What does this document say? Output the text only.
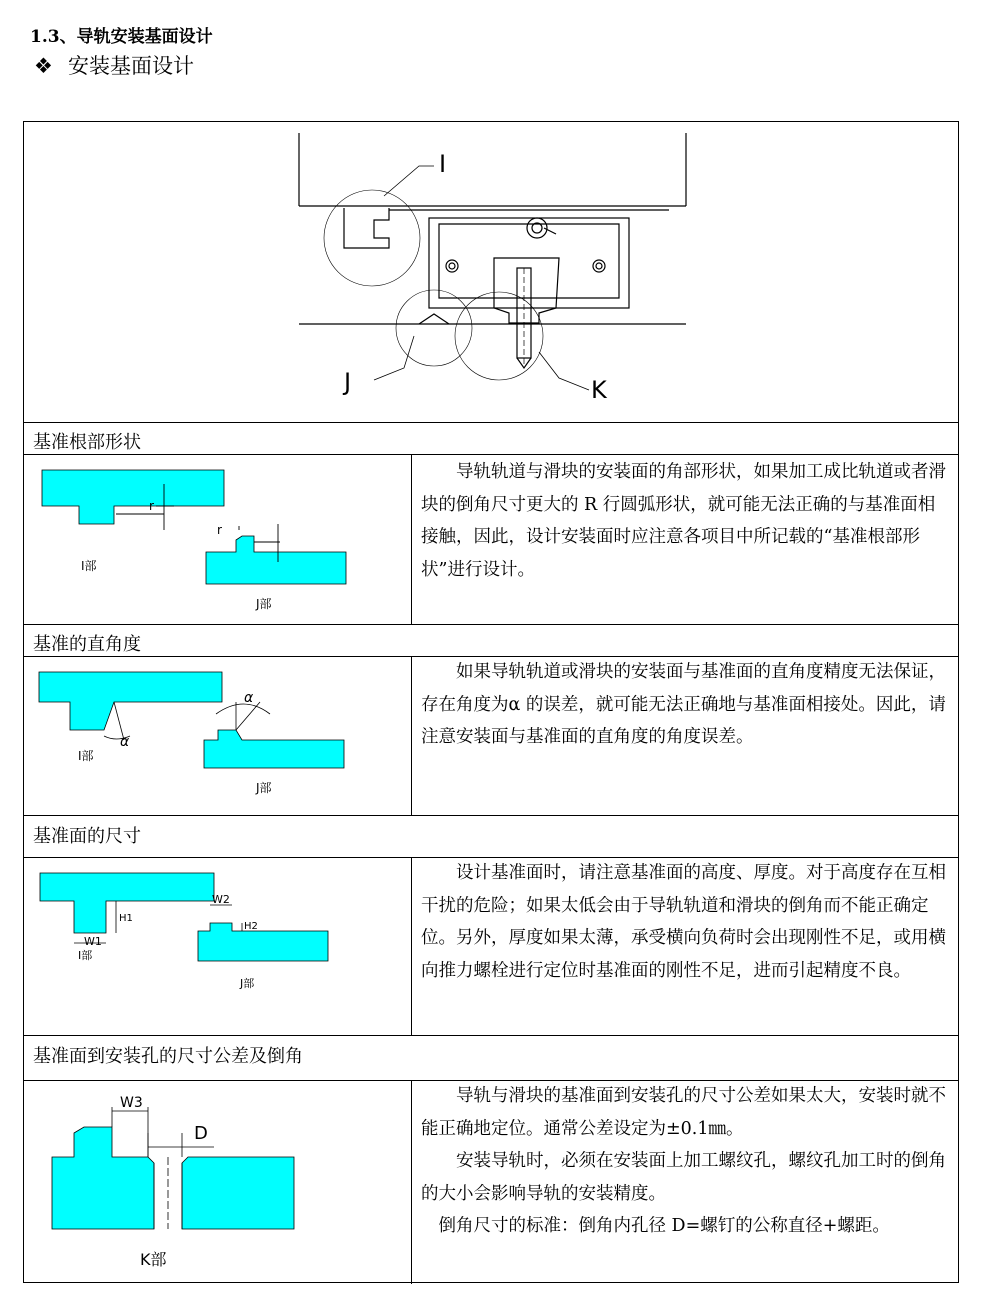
1.3、导轨安装基面设计
❖ 安装基面设计
I
J	K
基准根部形状
r
r
I部
J部

导轨轨道与滑块的安装面的角部形状，如果加工成比轨道或者滑块的倒角尺寸更大的 R 行圆弧形状，就可能无法正确的与基准面相接触，因此，设计安装面时应注意各项目中所记载的“基准根部形状”进行设计。

基准的直角度
α
α
I部
J部

如果导轨轨道或滑块的安装面与基准面的直角度精度无法保证，存在角度为α 的误差，就可能无法正确地与基准面相接处。因此，请注意安装面与基准面的直角度的角度误差。

基准面的尺寸
W1
W2
H1
H2
I部
J部

设计基准面时，请注意基准面的高度、厚度。对于高度存在互相干扰的危险；如果太低会由于导轨轨道和滑块的倒角而不能正确定位。另外，厚度如果太薄，承受横向负荷时会出现刚性不足，或用横向推力螺栓进行定位时基准面的刚性不足，进而引起精度不良。

基准面到安装孔的尺寸公差及倒角
W3
D
K部

导轨与滑块的基准面到安装孔的尺寸公差如果太大，安装时就不能正确地定位。通常公差设定为±0.1㎜。

安装导轨时，必须在安装面上加工螺纹孔，螺纹孔加工时的倒角的大小会影响导轨的安装精度。

倒角尺寸的标准：倒角内孔径 D=螺钉的公称直径+螺距。
